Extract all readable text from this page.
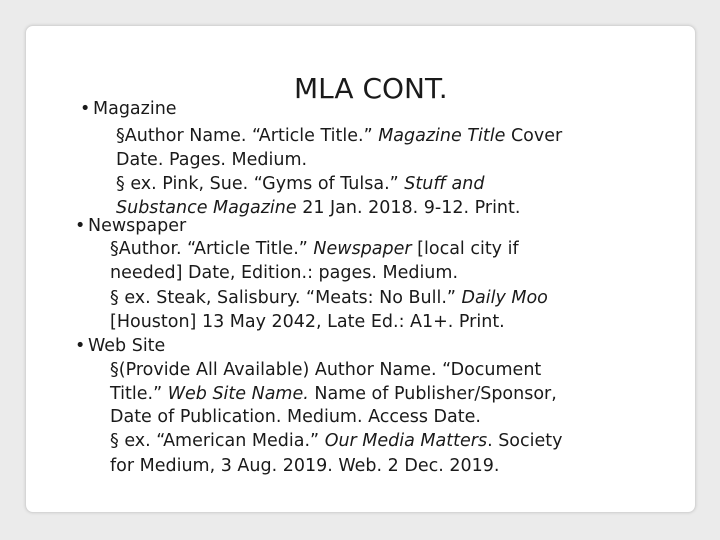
MLA CONT.

• Magazine

§Author Name. “Article Title.” Magazine Title Cover

Date. Pages. Medium.

§ ex. Pink, Sue. “Gyms of Tulsa.” Stuff and

Substance Magazine 21 Jan. 2018. 9-12. Print.

• Newspaper

§Author. “Article Title.” Newspaper [local city if

needed] Date, Edition.: pages. Medium.

§ ex. Steak, Salisbury. “Meats: No Bull.” Daily Moo

[Houston] 13 May 2042, Late Ed.: A1+. Print.

• Web Site

§(Provide All Available) Author Name. “Document

Title.” Web Site Name. Name of Publisher/Sponsor,

Date of Publication. Medium. Access Date.

§ ex. “American Media.” Our Media Matters. Society

for Medium, 3 Aug. 2019. Web. 2 Dec. 2019.
